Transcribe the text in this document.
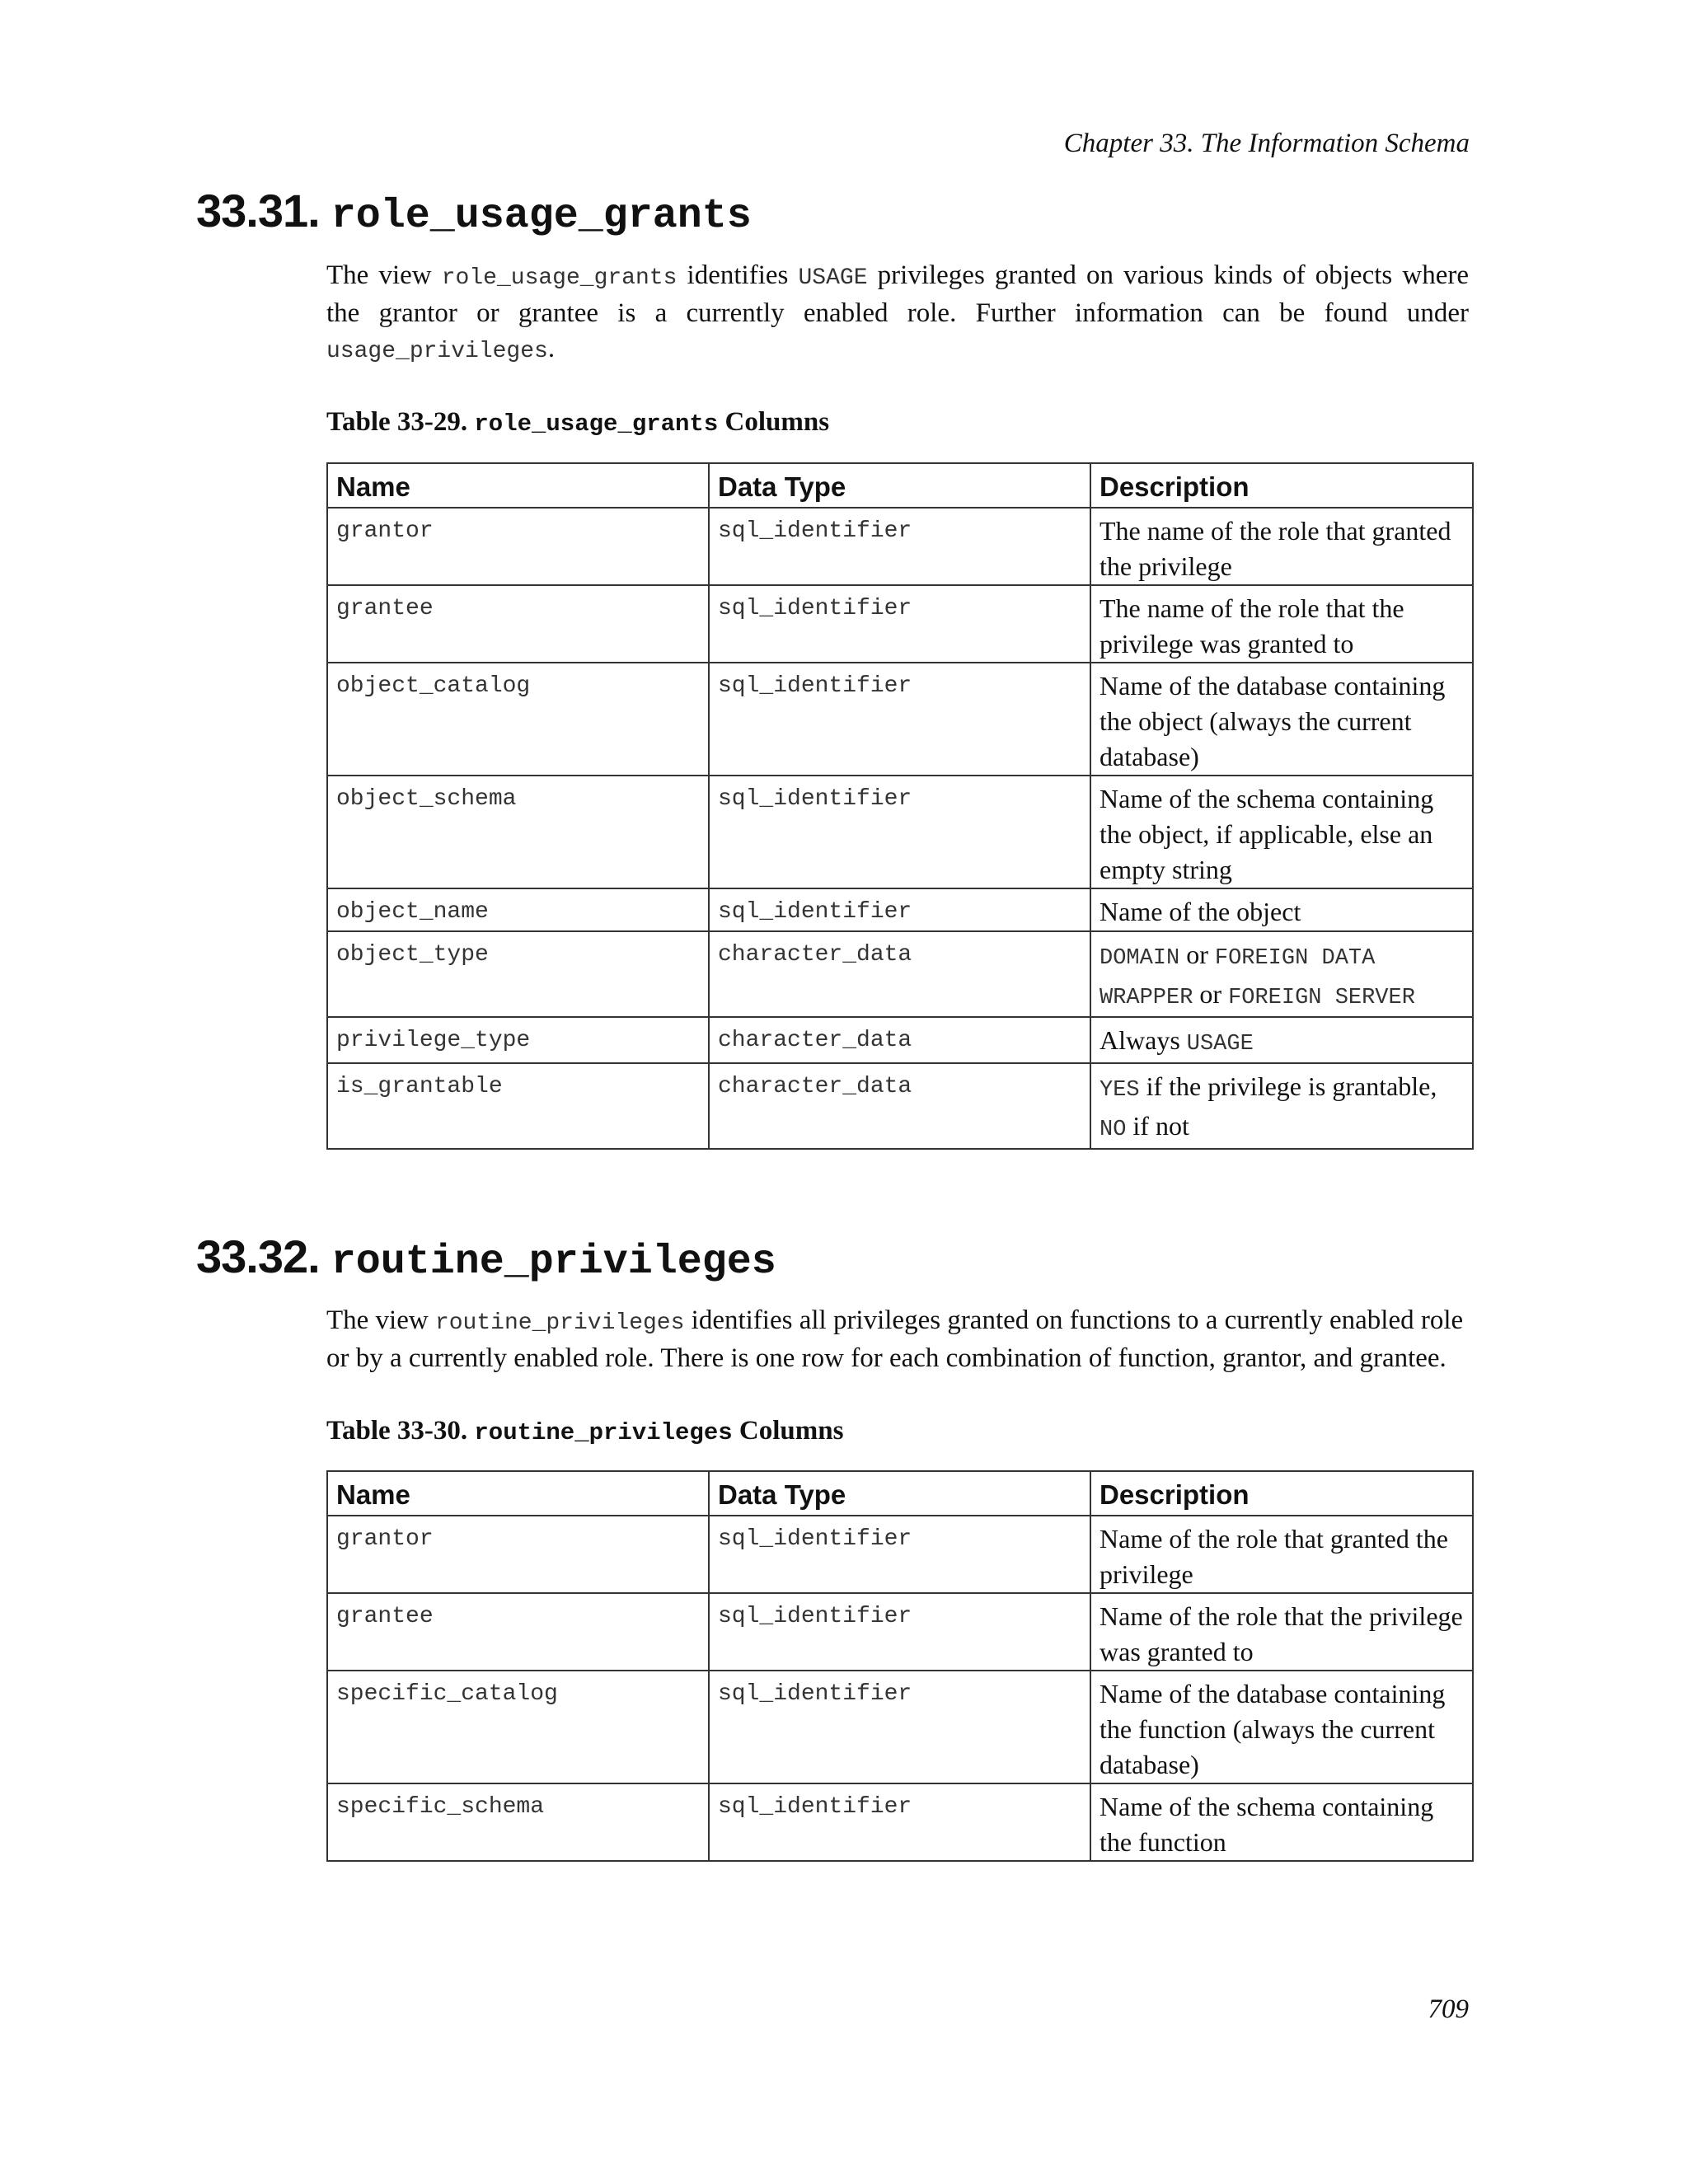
Chapter 33. The Information Schema
33.31. role_usage_grants

The view role_usage_grants identifies USAGE privileges granted on various kinds of objects where the grantor or grantee is a currently enabled role. Further information can be found under usage_privileges.

Table 33-29. role_usage_grants Columns

Name	Data Type	Description
grantor	sql_identifier	The name of the role that granted the privilege
grantee	sql_identifier	The name of the role that the privilege was granted to
object_catalog	sql_identifier	Name of the database containing the object (always the current database)
object_schema	sql_identifier	Name of the schema containing the object, if applicable, else an empty string
object_name	sql_identifier	Name of the object
object_type	character_data	DOMAIN or FOREIGN DATA WRAPPER or FOREIGN SERVER
privilege_type	character_data	Always USAGE
is_grantable	character_data	YES if the privilege is grantable, NO if not
33.32. routine_privileges

The view routine_privileges identifies all privileges granted on functions to a currently enabled role or by a currently enabled role. There is one row for each combination of function, grantor, and grantee.

Table 33-30. routine_privileges Columns

Name	Data Type	Description
grantor	sql_identifier	Name of the role that granted the privilege
grantee	sql_identifier	Name of the role that the privilege was granted to
specific_catalog	sql_identifier	Name of the database containing the function (always the current database)
specific_schema	sql_identifier	Name of the schema containing the function
709
